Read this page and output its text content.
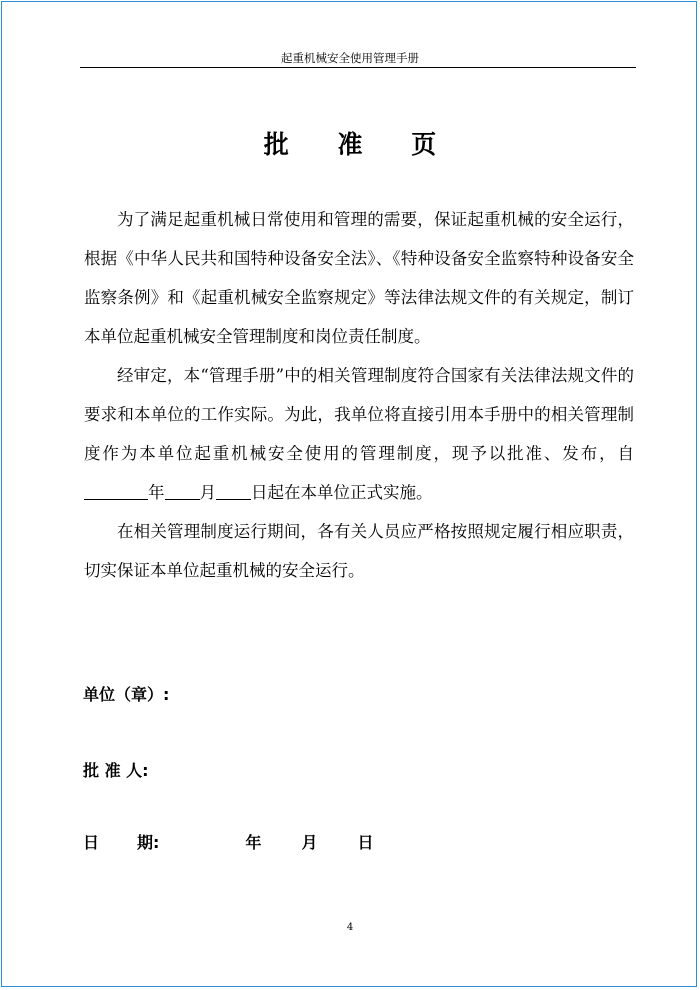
起重机械安全使用管理手册
批 准 页

为了满足起重机械日常使用和管理的需要，保证起重机械的安全运行，根据《中华人民共和国特种设备安全法》、《特种设备安全监察特种设备安全监察条例》和《起重机械安全监察规定》等法律法规文件的有关规定，制订本单位起重机械安全管理制度和岗位责任制度。

经审定，本“管理手册”中的相关管理制度符合国家有关法律法规文件的要求和本单位的工作实际。为此，我单位将直接引用本手册中的相关管理制度作为本单位起重机械安全使用的管理制度，现予以批准、发布，自年 月 日起在本单位正式实施。

在相关管理制度运行期间，各有关人员应严格按照规定履行相应职责，切实保证本单位起重机械的安全运行。

单位（章）:
批 准 人:
日 期:	年	月	日
4
